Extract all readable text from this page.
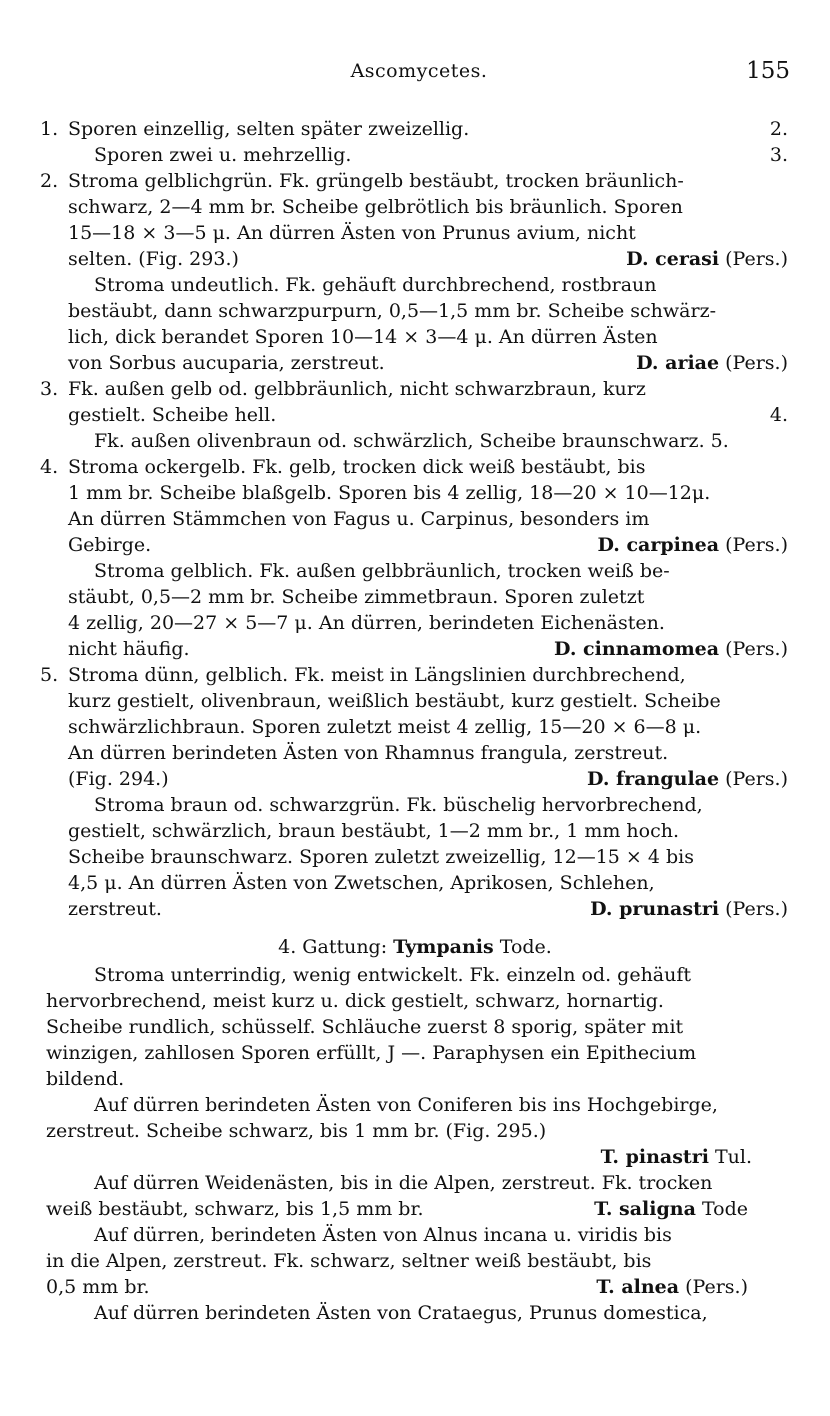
Ascomycetes.	155
1. Sporen einzellig, selten später zweizellig.	2.
Sporen zwei u. mehrzellig.	3.
2. Stroma gelblichgrün. Fk. grüngelb bestäubt, trocken bräunlich-
schwarz, 2—4 mm br. Scheibe gelbrötlich bis bräunlich. Sporen
15—18 × 3—5 μ. An dürren Ästen von Prunus avium, nicht
selten. (Fig. 293.)	D. cerasi (Pers.)
Stroma undeutlich. Fk. gehäuft durchbrechend, rostbraun
bestäubt, dann schwarzpurpurn, 0,5—1,5 mm br. Scheibe schwärz-
lich, dick berandet Sporen 10—14 × 3—4 μ. An dürren Ästen
von Sorbus aucuparia, zerstreut.	D. ariae (Pers.)
3. Fk. außen gelb od. gelbbräunlich, nicht schwarzbraun, kurz
gestielt. Scheibe hell.	4.
Fk. außen olivenbraun od. schwärzlich, Scheibe braunschwarz. 5.
4. Stroma ockergelb. Fk. gelb, trocken dick weiß bestäubt, bis
1 mm br. Scheibe blaßgelb. Sporen bis 4 zellig, 18—20 × 10—12μ.
An dürren Stämmchen von Fagus u. Carpinus, besonders im
Gebirge.	D. carpinea (Pers.)
Stroma gelblich. Fk. außen gelbbräunlich, trocken weiß be-
stäubt, 0,5—2 mm br. Scheibe zimmetbraun. Sporen zuletzt
4 zellig, 20—27 × 5—7 μ. An dürren, berindeten Eichenästen.
nicht häufig.	D. cinnamomea (Pers.)
5. Stroma dünn, gelblich. Fk. meist in Längslinien durchbrechend,
kurz gestielt, olivenbraun, weißlich bestäubt, kurz gestielt. Scheibe
schwärzlichbraun. Sporen zuletzt meist 4 zellig, 15—20 × 6—8 μ.
An dürren berindeten Ästen von Rhamnus frangula, zerstreut.
(Fig. 294.)	D. frangulae (Pers.)
Stroma braun od. schwarzgrün. Fk. büschelig hervorbrechend,
gestielt, schwärzlich, braun bestäubt, 1—2 mm br., 1 mm hoch.
Scheibe braunschwarz. Sporen zuletzt zweizellig, 12—15 × 4 bis
4,5 μ. An dürren Ästen von Zwetschen, Aprikosen, Schlehen,
zerstreut.	D. prunastri (Pers.)
4. Gattung: Tympanis Tode.
Stroma unterrindig, wenig entwickelt. Fk. einzeln od. gehäuft
hervorbrechend, meist kurz u. dick gestielt, schwarz, hornartig.
Scheibe rundlich, schüsself. Schläuche zuerst 8 sporig, später mit
winzigen, zahllosen Sporen erfüllt, J —. Paraphysen ein Epithecium
bildend.
Auf dürren berindeten Ästen von Coniferen bis ins Hochgebirge,
zerstreut. Scheibe schwarz, bis 1 mm br. (Fig. 295.)
T. pinastri Tul.
Auf dürren Weidenästen, bis in die Alpen, zerstreut. Fk. trocken
weiß bestäubt, schwarz, bis 1,5 mm br.	T. saligna Tode
Auf dürren, berindeten Ästen von Alnus incana u. viridis bis
in die Alpen, zerstreut. Fk. schwarz, seltner weiß bestäubt, bis
0,5 mm br.	T. alnea (Pers.)
Auf dürren berindeten Ästen von Crataegus, Prunus domestica,
